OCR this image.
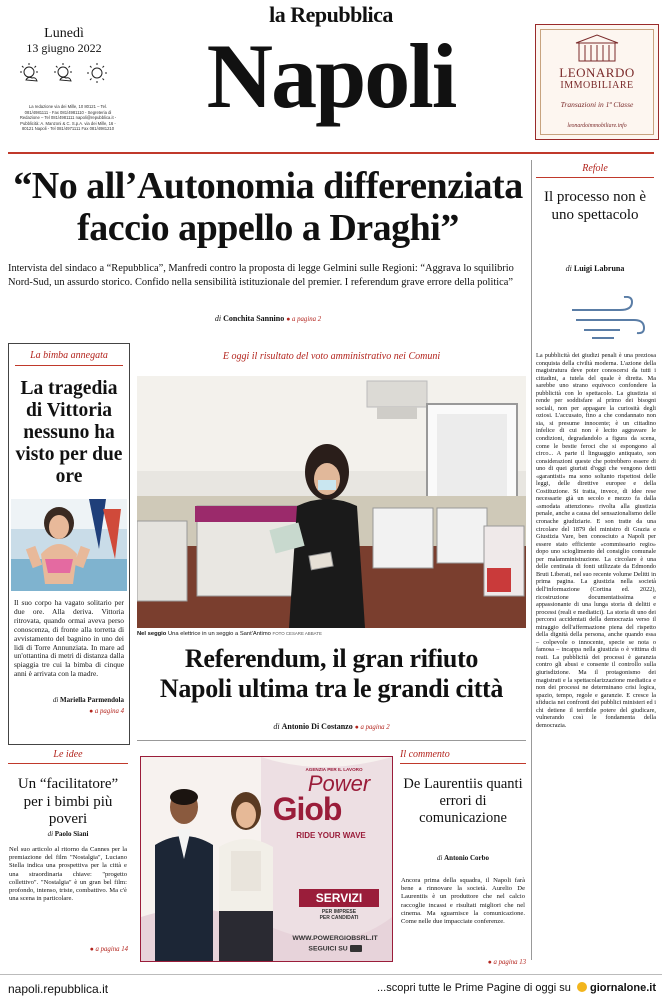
la Repubblica
Napoli
Lunedì
13 giugno 2022
La redazione via dei Mille, 10 80121 – Tel. 081/4981111 - Fax 081/4981110 - Segreteria di Redazione – Tel 081/4981111 napoli@repubblica.it - Pubblicità: A. Manzoni & C. S.p.A. via dei Mille, 16 - 80121 Napoli - Tel 081/4971111 Fax 081/4981210
LEONARDO
IMMOBILIARE
Transazioni in 1ª Classe
leonardoimmobiliare.info
“No all’Autonomia differenziata
faccio appello a Draghi”
Intervista del sindaco a “Repubblica”, Manfredi contro la proposta di legge Gelmini sulle Regioni: “Aggrava lo squilibrio Nord-Sud, un assurdo storico. Confido nella sensibilità istituzionale del premier. I referendum grave errore della politica”
di Conchita Sannino ● a pagina 2
La bimba annegata
La tragedia di Vittoria nessuno ha visto per due ore
Il suo corpo ha vagato solitario per due ore. Alla deriva. Vittoria ritrovata, quando ormai aveva perso conoscenza, di fronte alla torretta di avvistamento del bagnino in uno dei lidi di Torre Annunziata. In mare ad un'ottantina di metri di distanza dalla spiaggia tre cui la bimba di cinque anni è arrivata con la madre.
di Mariella Parmendola
● a pagina 4
E oggi il risultato del voto amministrativo nei Comuni
Nel seggio Una elettrice in un seggio a Sant'Antimo FOTO CESARE ABBATE
Referendum, il gran rifiuto
Napoli ultima tra le grandi città
di Antonio Di Costanzo ● a pagina 2
Refole
Il processo non è uno spettacolo
di Luigi Labruna
La pubblicità dei giudizi penali è una preziosa conquista della civiltà moderna. L'azione della magistratura deve poter conoscersi da tutti i cittadini, a tutela del quale è diretta. Ma sarebbe uno strano equivoco confondere la pubblicità con lo spettacolo. La giustizia si rende per soddisfare al primo dei bisogni sociali, non per appagare la curiosità degli oziosi. L'accusato, fino a che condannato non sia, si presume innocente; è un cittadino infelice di cui non è lecito aggravare le condizioni, degradandolo a figura da scena, come le bestie feroci che si espongono al circo... A parte il linguaggio antiquato, son considerazioni queste che potrebbero essere di uno di quei giuristi d'oggi che vengono detti «garantisti» ma sono soltanto rispettosi delle leggi, delle direttive europee e della Costituzione. Si tratta, invece, di idee rese necessarie già un secolo e mezzo fa dalla «smodata attenzione» rivolta alla giustizia penale, anche a causa del sensazionalismo delle cronache giudiziarie. E son tratte da una circolare del 1879 del ministro di Grazia e Giustizia Vare, ben conosciuto a Napoli per essere stato efficiente «commissario regio» dopo uno scioglimento del consiglio comunale per malamministrazione. La circolare è una delle centinaia di fonti utilizzate da Edmondo Bruti Liberati, nel suo recente volume Delitti in prima pagina. La giustizia nella società dell'informazione (Cortina ed. 2022), ricostruzione documentatissima e appassionante di una lunga storia di delitti e processi (reali e mediatici). La storia di uno dei percorsi accidentati della democrazia verso il miraggio dell'affermazione piena del rispetto della dignità della persona, anche quando essa – colpevole o innocente, specie se nota o famosa – incappa nella giustizia o è vittima di reati. La pubblicità dei processi è garanzia contro gli abusi e consente il controllo sulla giurisdizione. Ma il protagonismo dei magistrati e la spettacolarizzazione mediatica e non dei processi ne determinano crisi logica, spazio, tempo, regole e garanzie. E cresce la sfiducia nei confronti dei pubblici ministeri ed i chi detiene il terribile potere del giudicare, vulnerando così le fondamenta della democrazia.
Le idee
Un “facilitatore” per i bimbi più poveri
di Paolo Siani
Nel suo articolo al ritorno da Cannes per la premiazione del film "Nostalgia", Luciano Stella indica una prospettiva per la città e una straordinaria chiave: "progetto collettivo". "Nostalgia" è un gran bel film: profondo, intenso, triste, combattivo. Ma c'è una scena in particolare.
● a pagina 14
AGENZIA PER IL LAVORO
Power
Giob
RIDE YOUR WAVE
SERVIZI
PER IMPRESE
PER CANDIDATI
WWW.POWERGIOBSRL.IT
SEGUICI SU
Il commento
De Laurentiis quanti errori di comunicazione
di Antonio Corbo
Ancora prima della squadra, il Napoli farà bene a rinnovare la società. Aurelio De Laurentiis è un produttore che nel calcio raccoglie incassi e risultati migliori che nel cinema. Ma sguarnisce la comunicazione. Come nelle due impacciate conferenze.
● a pagina 13
napoli.repubblica.it	...scopri tutte le Prime Pagine di oggi su giornalone.it
